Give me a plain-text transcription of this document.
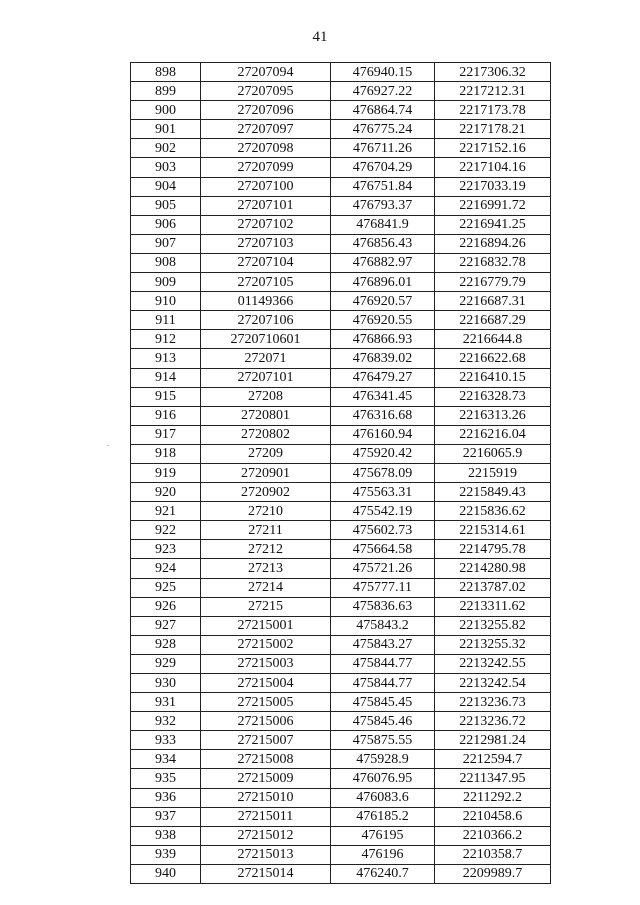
41
.
898	27207094	476940.15	2217306.32
899	27207095	476927.22	2217212.31
900	27207096	476864.74	2217173.78
901	27207097	476775.24	2217178.21
902	27207098	476711.26	2217152.16
903	27207099	476704.29	2217104.16
904	27207100	476751.84	2217033.19
905	27207101	476793.37	2216991.72
906	27207102	476841.9	2216941.25
907	27207103	476856.43	2216894.26
908	27207104	476882.97	2216832.78
909	27207105	476896.01	2216779.79
910	01149366	476920.57	2216687.31
911	27207106	476920.55	2216687.29
912	2720710601	476866.93	2216644.8
913	272071	476839.02	2216622.68
914	27207101	476479.27	2216410.15
915	27208	476341.45	2216328.73
916	2720801	476316.68	2216313.26
917	2720802	476160.94	2216216.04
918	27209	475920.42	2216065.9
919	2720901	475678.09	2215919
920	2720902	475563.31	2215849.43
921	27210	475542.19	2215836.62
922	27211	475602.73	2215314.61
923	27212	475664.58	2214795.78
924	27213	475721.26	2214280.98
925	27214	475777.11	2213787.02
926	27215	475836.63	2213311.62
927	27215001	475843.2	2213255.82
928	27215002	475843.27	2213255.32
929	27215003	475844.77	2213242.55
930	27215004	475844.77	2213242.54
931	27215005	475845.45	2213236.73
932	27215006	475845.46	2213236.72
933	27215007	475875.55	2212981.24
934	27215008	475928.9	2212594.7
935	27215009	476076.95	2211347.95
936	27215010	476083.6	2211292.2
937	27215011	476185.2	2210458.6
938	27215012	476195	2210366.2
939	27215013	476196	2210358.7
940	27215014	476240.7	2209989.7
